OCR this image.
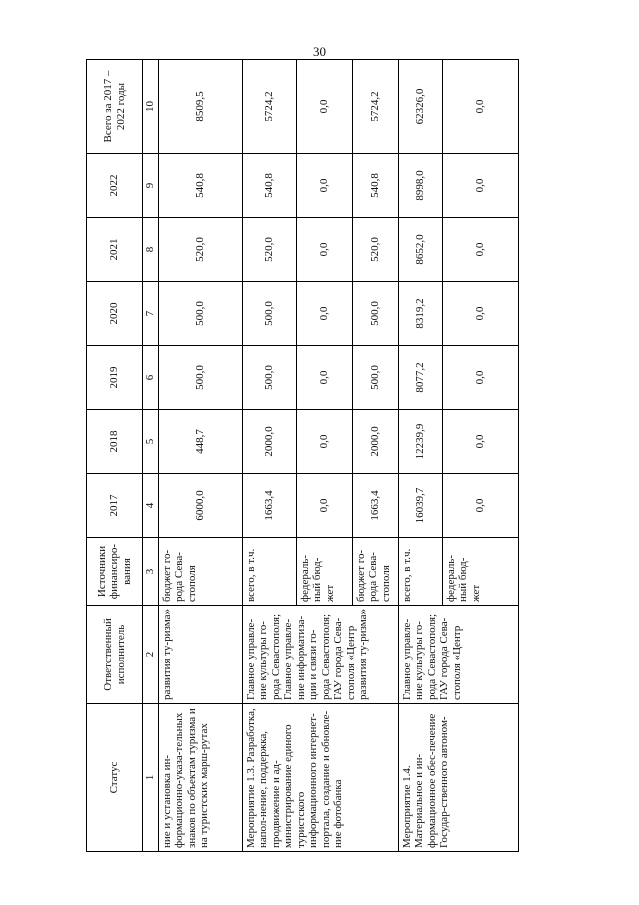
30
Статус	Ответственный исполнитель	Источники финансиро-вания	2017	2018	2019	2020	2021	2022	Всего за 2017 – 2022 годы
1	2	3	4	5	6	7	8	9	10
ние и установка ин-формационно-указа-тельных знаков по объектам туризма и на туристских марш-рутах	развития ту-ризма»	бюджет го-рода Сева-стополя	6000,0	448,7	500,0	500,0	520,0	540,8	8509,5
Мероприятие 1.3. Разработка, напол-нение, поддержка, продвижение и ад-министрирование единого туристского информационного интернет-портала, создание и обновле-ние фотобанка	Главное управле-ние культуры го-рода Севастополя; Главное управле-ние информатиза-ции и связи го-рода Севастополя; ГАУ города Сева-стополя «Центр развития ту-ризма»	всего, в т.ч.	1663,4	2000,0	500,0	500,0	520,0	540,8	5724,2
		федераль-ный бюд-жет	0,0	0,0	0,0	0,0	0,0	0,0	0,0
		бюджет го-рода Сева-стополя	1663,4	2000,0	500,0	500,0	520,0	540,8	5724,2
Мероприятие 1.4. Материальное и ин-формационное обес-печение Государ-ственного автоном-	Главное управле-ние культуры го-рода Севастополя; ГАУ города Сева-стополя «Центр	всего, в т.ч.	16039,7	12239,9	8077,2	8319,2	8652,0	8998,0	62326,0
		федераль-ный бюд-жет	0,0	0,0	0,0	0,0	0,0	0,0	0,0
